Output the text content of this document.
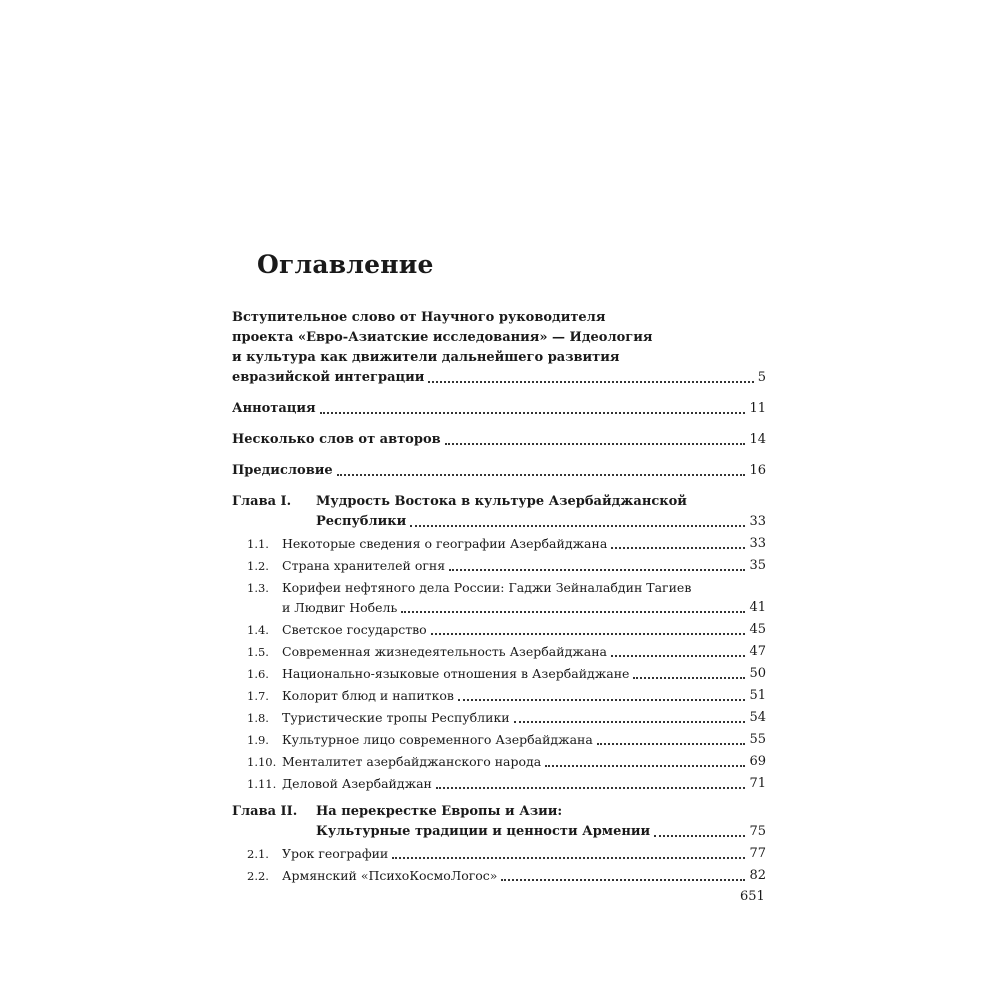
Оглавление
Вступительное слово от Научного руководителя
проекта «Евро-Азиатские исследования» — Идеология
и культура как движители дальнейшего развития
евразийской интеграции	5
Аннотация	11
Несколько слов от авторов	14
Предисловие	16
Глава I.	Мудрость Востока в культуре Азербайджанской
Республики	33
1.1.	Некоторые сведения о географии Азербайджана	33
1.2.	Страна хранителей огня	35
1.3.	Корифеи нефтяного дела России: Гаджи Зейналабдин Тагиев
и Людвиг Нобель	41
1.4.	Светское государство	45
1.5.	Современная жизнедеятельность Азербайджана	47
1.6.	Национально-языковые отношения в Азербайджане	50
1.7.	Колорит блюд и напитков	51
1.8.	Туристические тропы Республики	54
1.9.	Культурное лицо современного Азербайджана	55
1.10. Менталитет азербайджанского народа	69
1.11. Деловой Азербайджан	71
Глава II.	На перекрестке Европы и Азии:
Культурные традиции и ценности Армении	75
2.1.	Урок географии	77
2.2.	Армянский «ПсихоКосмоЛогос»	82
651
